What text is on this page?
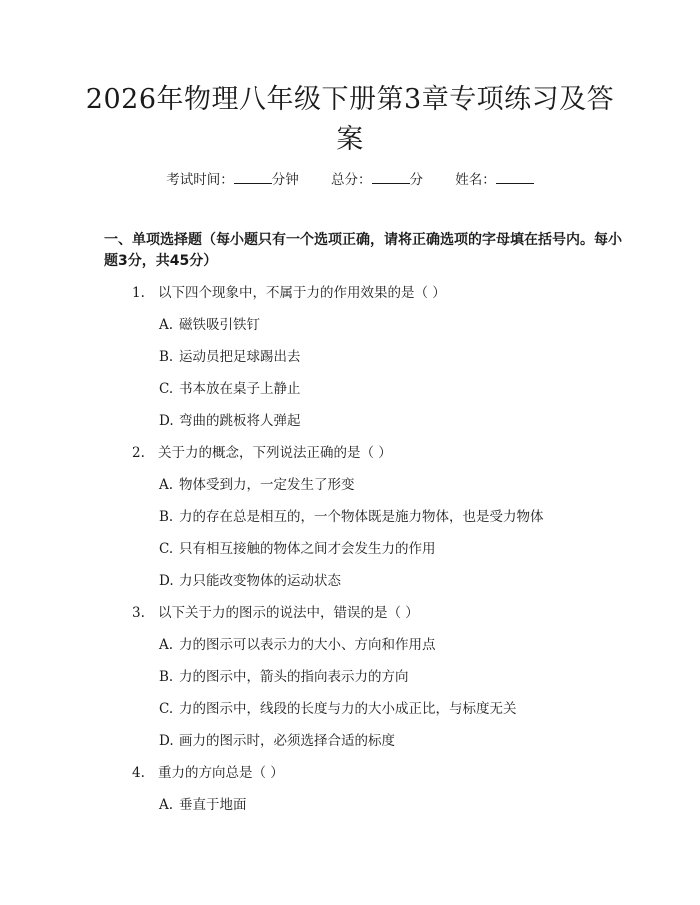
2026年物理八年级下册第3章专项练习及答案
考试时间：	分钟 总分：	分 姓名：
一、单项选择题（每小题只有一个选项正确，请将正确选项的字母填在括号内。每小题3分，共45分）
1. 以下四个现象中，不属于力的作用效果的是（ ）
A. 磁铁吸引铁钉
B. 运动员把足球踢出去
C. 书本放在桌子上静止
D. 弯曲的跳板将人弹起
2. 关于力的概念，下列说法正确的是（ ）
A. 物体受到力，一定发生了形变
B. 力的存在总是相互的，一个物体既是施力物体，也是受力物体
C. 只有相互接触的物体之间才会发生力的作用
D. 力只能改变物体的运动状态
3. 以下关于力的图示的说法中，错误的是（ ）
A. 力的图示可以表示力的大小、方向和作用点
B. 力的图示中，箭头的指向表示力的方向
C. 力的图示中，线段的长度与力的大小成正比，与标度无关
D. 画力的图示时，必须选择合适的标度
4. 重力的方向总是（ ）
A. 垂直于地面
